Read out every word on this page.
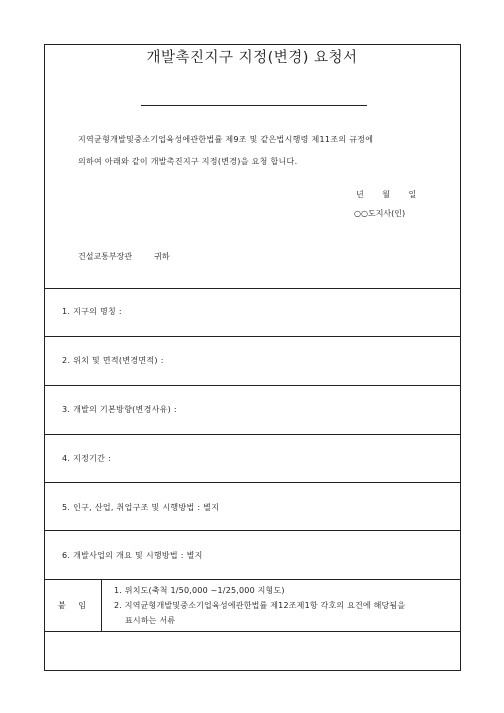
개발촉진지구 지정(변경) 요청서
지역균형개발및중소기업육성에관한법률 제9조 및 같은법시행령 제11조의 규정에
의하여 아래와 같이 개발촉진지구 지정(변경)을 요청 합니다.
년 월 일
○○도지사(인)
건설교통부장관	귀하
1. 지구의 명칭 :
2. 위치 및 면적(변경면적) :
3. 개발의 기본방향(변경사유) :
4. 지정기간 :
5. 인구, 산업, 취업구조 및 시행방법 : 별지
6. 개발사업의 개요 및 시행방법 : 별지
붙 임
1. 위치도(축척 1/50,000 ~1/25,000 지형도)
2. 지역균형개발및중소기업육성에관한법률 제12조제1항 각호의 요건에 해당됨을
표시하는 서류
